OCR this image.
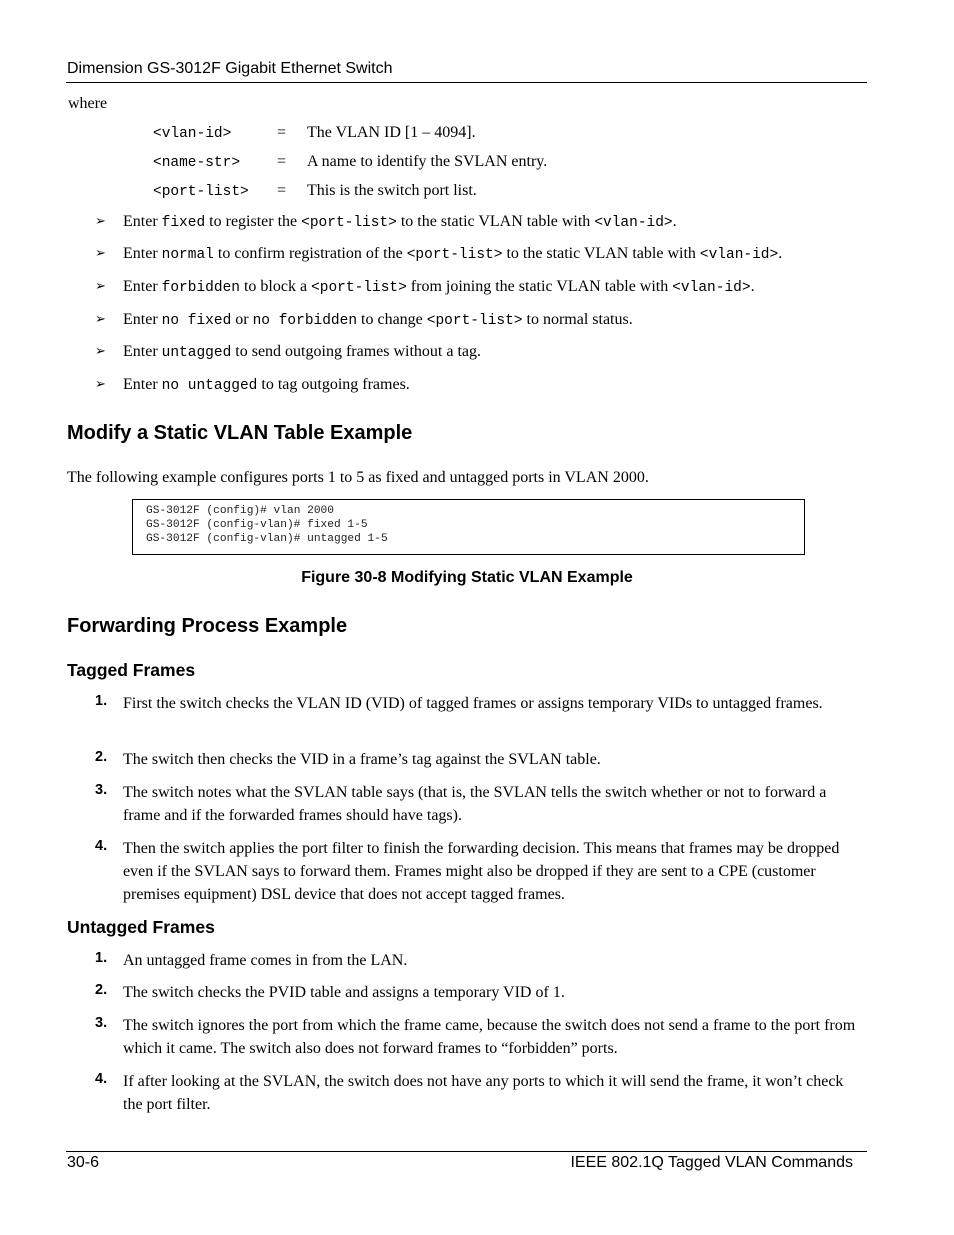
Dimension GS-3012F Gigabit Ethernet Switch
where
<vlan-id>	= The VLAN ID [1 – 4094].
<name-str> = A name to identify the SVLAN entry.
<port-list> = This is the switch port list.
➢ Enter fixed to register the <port-list> to the static VLAN table with <vlan-id>.
➢ Enter normal to confirm registration of the <port-list> to the static VLAN table with <vlan-id>.
➢ Enter forbidden to block a <port-list> from joining the static VLAN table with <vlan-id>.
➢ Enter no fixed or no forbidden to change <port-list> to normal status.
➢ Enter untagged to send outgoing frames without a tag.
➢ Enter no untagged to tag outgoing frames.
Modify a Static VLAN Table Example
The following example configures ports 1 to 5 as fixed and untagged ports in VLAN 2000.
GS-3012F (config)# vlan 2000
GS-3012F (config-vlan)# fixed 1-5
GS-3012F (config-vlan)# untagged 1-5
Figure 30-8 Modifying Static VLAN Example
Forwarding Process Example
Tagged Frames
1. First the switch checks the VLAN ID (VID) of tagged frames or assigns temporary VIDs to untagged frames.
2. The switch then checks the VID in a frame’s tag against the SVLAN table.
3. The switch notes what the SVLAN table says (that is, the SVLAN tells the switch whether or not to forward a frame and if the forwarded frames should have tags).
4. Then the switch applies the port filter to finish the forwarding decision. This means that frames may be dropped even if the SVLAN says to forward them. Frames might also be dropped if they are sent to a CPE (customer premises equipment) DSL device that does not accept tagged frames.
Untagged Frames
1. An untagged frame comes in from the LAN.
2. The switch checks the PVID table and assigns a temporary VID of 1.
3. The switch ignores the port from which the frame came, because the switch does not send a frame to the port from which it came. The switch also does not forward frames to “forbidden” ports.
4. If after looking at the SVLAN, the switch does not have any ports to which it will send the frame, it won’t check the port filter.
30-6	IEEE 802.1Q Tagged VLAN Commands
